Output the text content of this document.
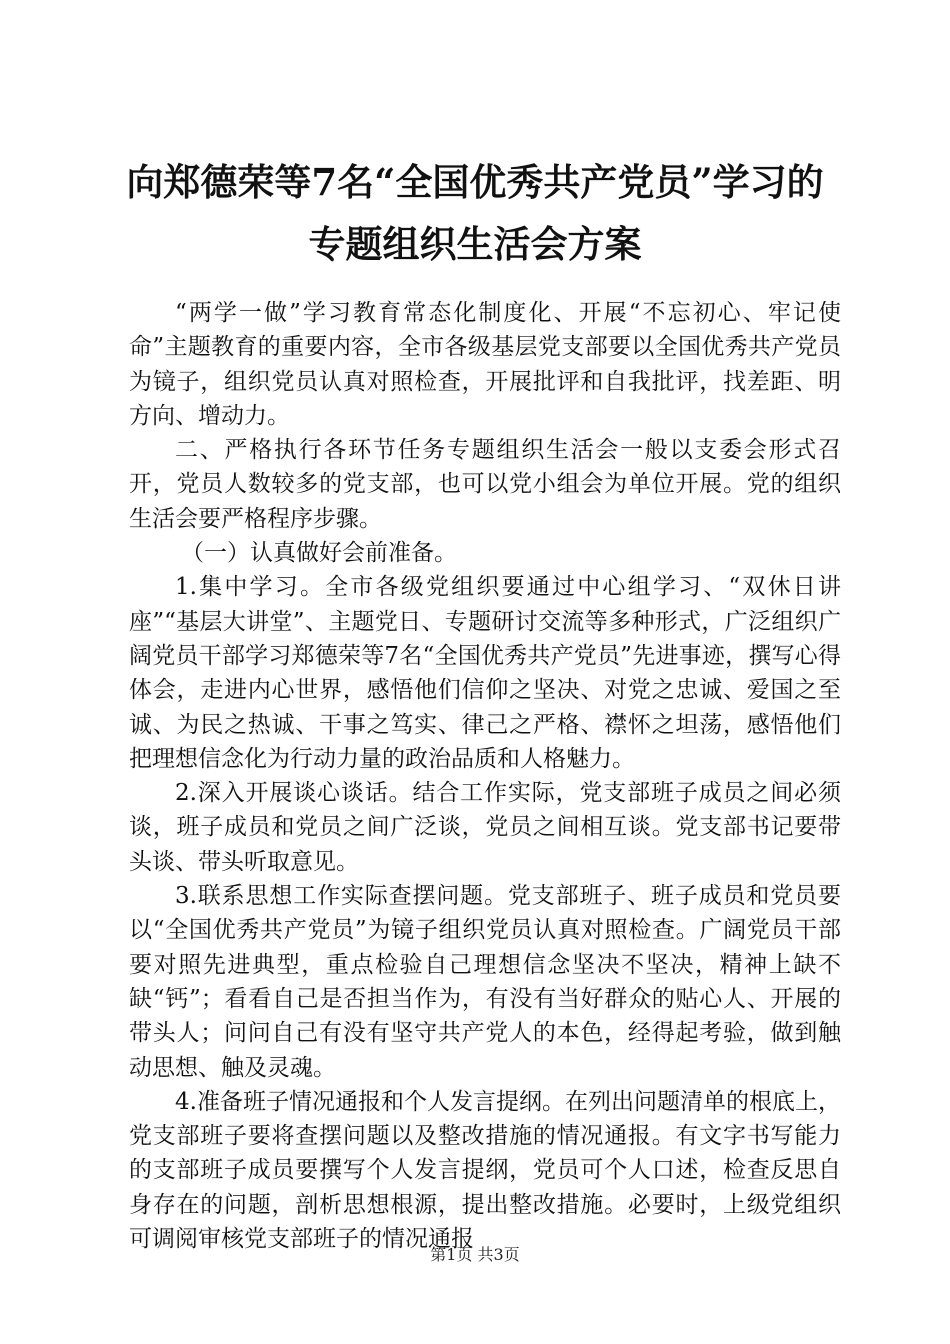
向郑德荣等7名“全国优秀共产党员”学习的
专题组织生活会方案

“两学一做”学习教育常态化制度化、开展“不忘初心、牢记使命”主题教育的重要内容，全市各级基层党支部要以全国优秀共产党员为镜子，组织党员认真对照检查，开展批评和自我批评，找差距、明方向、增动力。

二、严格执行各环节任务专题组织生活会一般以支委会形式召开，党员人数较多的党支部，也可以党小组会为单位开展。党的组织生活会要严格程序步骤。

（一）认真做好会前准备。

1.集中学习。全市各级党组织要通过中心组学习、“双休日讲座”“基层大讲堂”、主题党日、专题研讨交流等多种形式，广泛组织广阔党员干部学习郑德荣等7名“全国优秀共产党员”先进事迹，撰写心得体会，走进内心世界，感悟他们信仰之坚决、对党之忠诚、爱国之至诚、为民之热诚、干事之笃实、律己之严格、襟怀之坦荡，感悟他们把理想信念化为行动力量的政治品质和人格魅力。

2.深入开展谈心谈话。结合工作实际，党支部班子成员之间必须谈，班子成员和党员之间广泛谈，党员之间相互谈。党支部书记要带头谈、带头听取意见。

3.联系思想工作实际查摆问题。党支部班子、班子成员和党员要以“全国优秀共产党员”为镜子组织党员认真对照检查。广阔党员干部要对照先进典型，重点检验自己理想信念坚决不坚决，精神上缺不缺“钙”；看看自己是否担当作为，有没有当好群众的贴心人、开展的带头人；问问自己有没有坚守共产党人的本色，经得起考验，做到触动思想、触及灵魂。

4.准备班子情况通报和个人发言提纲。在列出问题清单的根底上，党支部班子要将查摆问题以及整改措施的情况通报。有文字书写能力的支部班子成员要撰写个人发言提纲，党员可个人口述，检查反思自身存在的问题，剖析思想根源，提出整改措施。必要时，上级党组织可调阅审核党支部班子的情况通报

第1页 共3页
